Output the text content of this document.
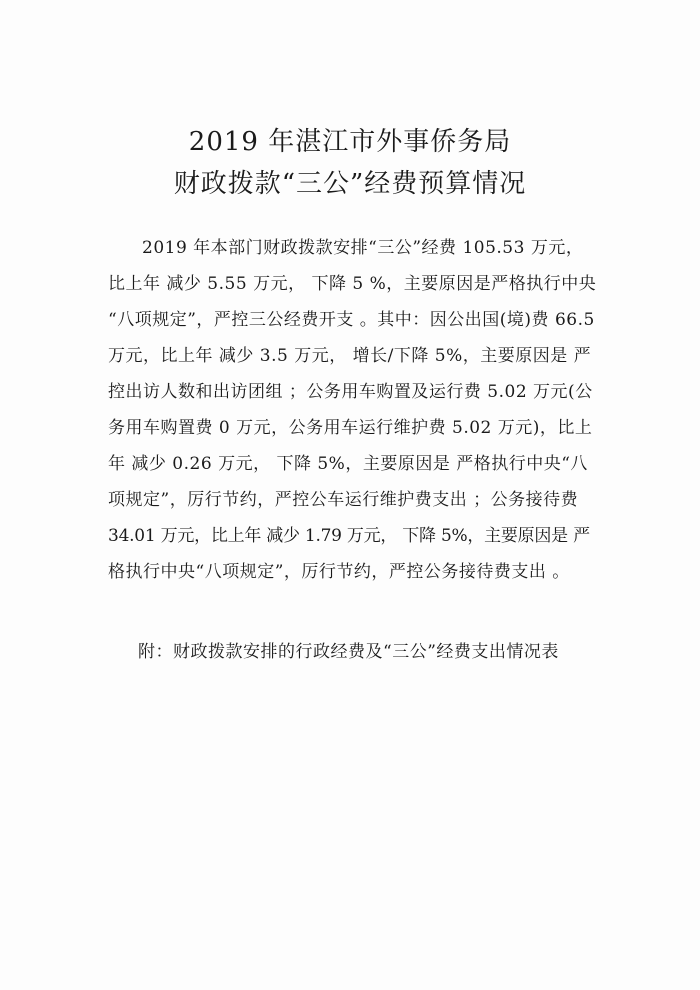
2019 年湛江市外事侨务局
财政拨款“三公”经费预算情况
2019 年本部门财政拨款安排“三公”经费 105.53 万元，
比上年 减少 5.55 万元， 下降 5 %，主要原因是严格执行中央
“八项规定”，严控三公经费开支 。其中：因公出国(境)费 66.5
万元，比上年 减少 3.5 万元， 增长/下降 5%，主要原因是 严
控出访人数和出访团组 ；公务用车购置及运行费 5.02 万元(公
务用车购置费 0 万元，公务用车运行维护费 5.02 万元)，比上
年 减少 0.26 万元， 下降 5%，主要原因是 严格执行中央“八
项规定”，厉行节约，严控公车运行维护费支出 ；公务接待费
34.01 万元，比上年 减少 1.79 万元， 下降 5%，主要原因是 严
格执行中央“八项规定”，厉行节约，严控公务接待费支出 。
附：财政拨款安排的行政经费及“三公”经费支出情况表
